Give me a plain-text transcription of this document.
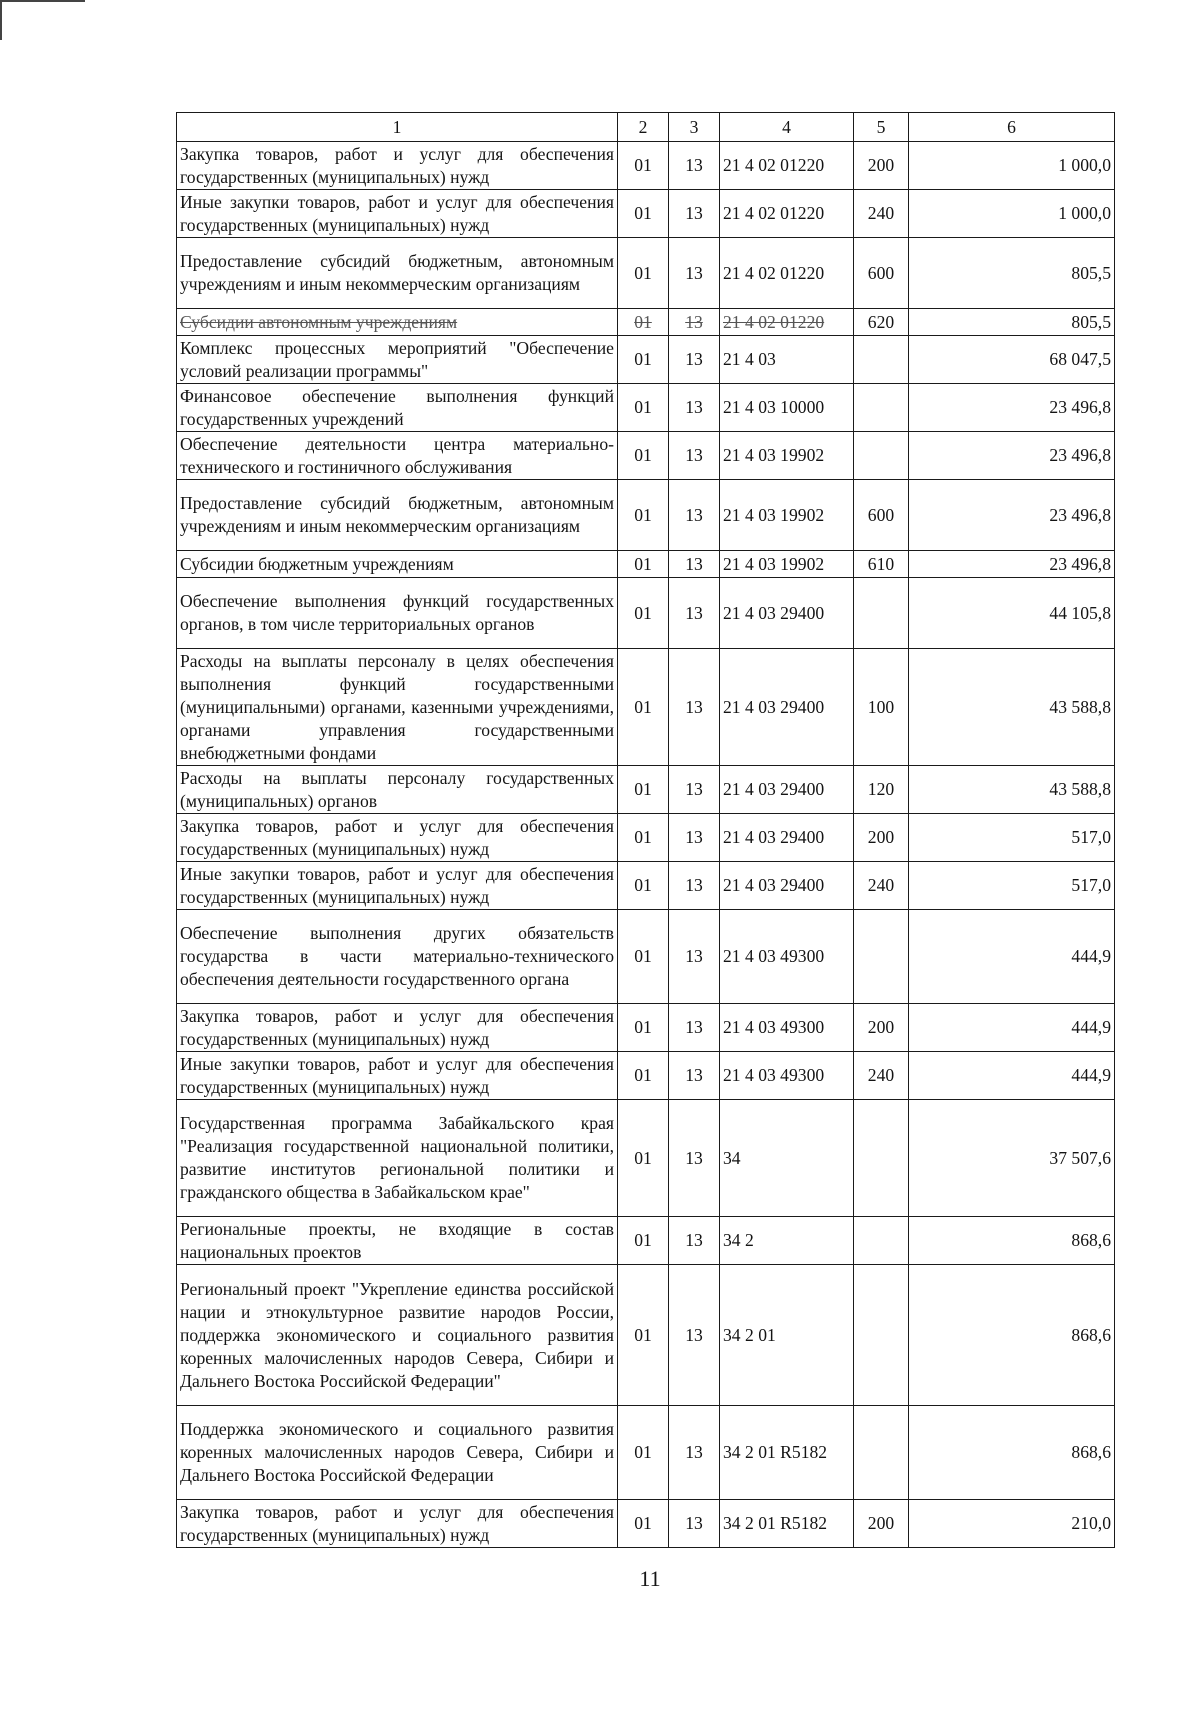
1	2	3	4	5	6
Закупка товаров, работ и услуг для обеспечения государственных (муниципальных) нужд	01	13	21 4 02 01220	200	1 000,0
Иные закупки товаров, работ и услуг для обеспечения государственных (муниципальных) нужд	01	13	21 4 02 01220	240	1 000,0
Предоставление субсидий бюджетным, автономным учреждениям и иным некоммерческим организациям	01	13	21 4 02 01220	600	805,5
Субсидии автономным учреждениям	01	13	21 4 02 01220	620	805,5
Комплекс процессных мероприятий "Обеспечение условий реализации программы"	01	13	21 4 03		68 047,5
Финансовое обеспечение выполнения функций государственных учреждений	01	13	21 4 03 10000		23 496,8
Обеспечение деятельности центра материально-технического и гостиничного обслуживания	01	13	21 4 03 19902		23 496,8
Предоставление субсидий бюджетным, автономным учреждениям и иным некоммерческим организациям	01	13	21 4 03 19902	600	23 496,8
Субсидии бюджетным учреждениям	01	13	21 4 03 19902	610	23 496,8
Обеспечение выполнения функций государственных органов, в том числе территориальных органов	01	13	21 4 03 29400		44 105,8
Расходы на выплаты персоналу в целях обеспечения выполнения функций государственными (муниципальными) органами, казенными учреждениями, органами управления государственными внебюджетными фондами	01	13	21 4 03 29400	100	43 588,8
Расходы на выплаты персоналу государственных (муниципальных) органов	01	13	21 4 03 29400	120	43 588,8
Закупка товаров, работ и услуг для обеспечения государственных (муниципальных) нужд	01	13	21 4 03 29400	200	517,0
Иные закупки товаров, работ и услуг для обеспечения государственных (муниципальных) нужд	01	13	21 4 03 29400	240	517,0
Обеспечение выполнения других обязательств государства в части материально-технического обеспечения деятельности государственного органа	01	13	21 4 03 49300		444,9
Закупка товаров, работ и услуг для обеспечения государственных (муниципальных) нужд	01	13	21 4 03 49300	200	444,9
Иные закупки товаров, работ и услуг для обеспечения государственных (муниципальных) нужд	01	13	21 4 03 49300	240	444,9
Государственная программа Забайкальского края "Реализация государственной национальной политики, развитие институтов региональной политики и гражданского общества в Забайкальском крае"	01	13	34		37 507,6
Региональные проекты, не входящие в состав национальных проектов	01	13	34 2		868,6
Региональный проект "Укрепление единства российской нации и этнокультурное развитие народов России, поддержка экономического и социального развития коренных малочисленных народов Севера, Сибири и Дальнего Востока Российской Федерации"	01	13	34 2 01		868,6
Поддержка экономического и социального развития коренных малочисленных народов Севера, Сибири и Дальнего Востока Российской Федерации	01	13	34 2 01 R5182		868,6
Закупка товаров, работ и услуг для обеспечения государственных (муниципальных) нужд	01	13	34 2 01 R5182	200	210,0
11
